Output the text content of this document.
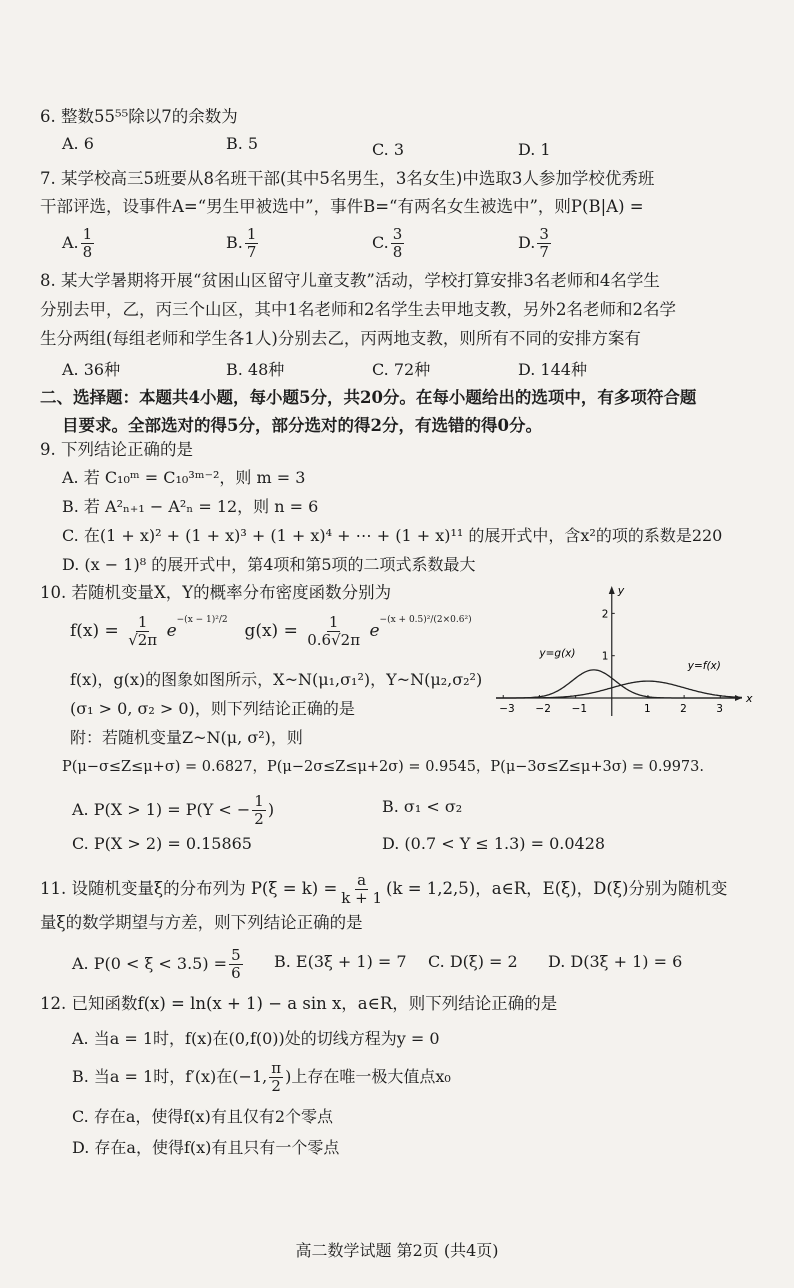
6. 整数55⁵⁵除以7的余数为
A. 6	B. 5	C. 3	D. 1
7. 某学校高三5班要从8名班干部(其中5名男生，3名女生)中选取3人参加学校优秀班
干部评选，设事件A=“男生甲被选中”，事件B=“有两名女生被选中”，则P(B|A) =
A. $\frac{1}{8}$	B. $\frac{1}{7}$	C. $\frac{3}{8}$	D. $\frac{3}{7}$
8. 某大学暑期将开展“贫困山区留守儿童支教”活动，学校打算安排3名老师和4名学生
分别去甲，乙，丙三个山区，其中1名老师和2名学生去甲地支教，另外2名老师和2名学
生分两组(每组老师和学生各1人)分别去乙，丙两地支教，则所有不同的安排方案有
A. 36种	B. 48种	C. 72种	D. 144种
二、选择题：本题共4小题，每小题5分，共20分。在每小题给出的选项中，有多项符合题
目要求。全部选对的得5分，部分选对的得2分，有选错的得0分。
9. 下列结论正确的是
A. 若 C₁₀ᵐ = C₁₀³ᵐ⁻²，则 m = 3
B. 若 A²ₙ₊₁ − A²ₙ = 12，则 n = 6
C. 在(1 + x)² + (1 + x)³ + (1 + x)⁴ + ⋯ + (1 + x)¹¹ 的展开式中，含x²的项的系数是220
D. (x − 1)⁸ 的展开式中，第4项和第5项的二项式系数最大
10. 若随机变量X，Y的概率分布密度函数分别为
$f(x) = \frac{1}{√2\pi} e^{-(x - 1)^2/2}$  $g(x) = \frac{1}{0.6√2\pi} e^{-(x + 0.5)^2/(2\times 0.6^2)}$
f(x)，g(x)的图象如图所示，X~N(μ₁,σ₁²)，Y~N(μ₂,σ₂²)
(σ₁ > 0, σ₂ > 0)，则下列结论正确的是
附：若随机变量Z~N(μ, σ²)，则
P(μ−σ≤Z≤μ+σ) = 0.6827，P(μ−2σ≤Z≤μ+2σ) = 0.9545，P(μ−3σ≤Z≤μ+3σ) = 0.9973.
x
y
−3 −2 −1	1	2	3
1
2
y=g(x)
y=f(x)
A. P(X > 1) = P(Y < − $\frac{1}{2}$ )	B. σ₁ < σ₂
C. P(X > 2) = 0.15865	D. (0.7 < Y ≤ 1.3) = 0.0428
11. 设随机变量ξ的分布列为 $P(\xi = k) = \frac{a}{k + 1} (k = 1,2,5)$，a∈R，E(ξ)，D(ξ)分别为随机变
量ξ的数学期望与方差，则下列结论正确的是
A. $P(0 < \xi < 3.5) = \frac{5}{6} B$. E(3ξ + 1) = 7 C. D(ξ) = 2 D. D(3ξ + 1) = 6
12. 已知函数f(x) = ln(x + 1) − a sin x，a∈R，则下列结论正确的是
A. 当a = 1时，f(x)在(0,f(0))处的切线方程为y = 0
B. 当a = 1时，f′(x)在(−1, $\frac{\pi}{2}$ )上存在唯一极大值点x₀
C. 存在a，使得f(x)有且仅有2个零点
D. 存在a，使得f(x)有且只有一个零点
高二数学试题 第2页 (共4页)
